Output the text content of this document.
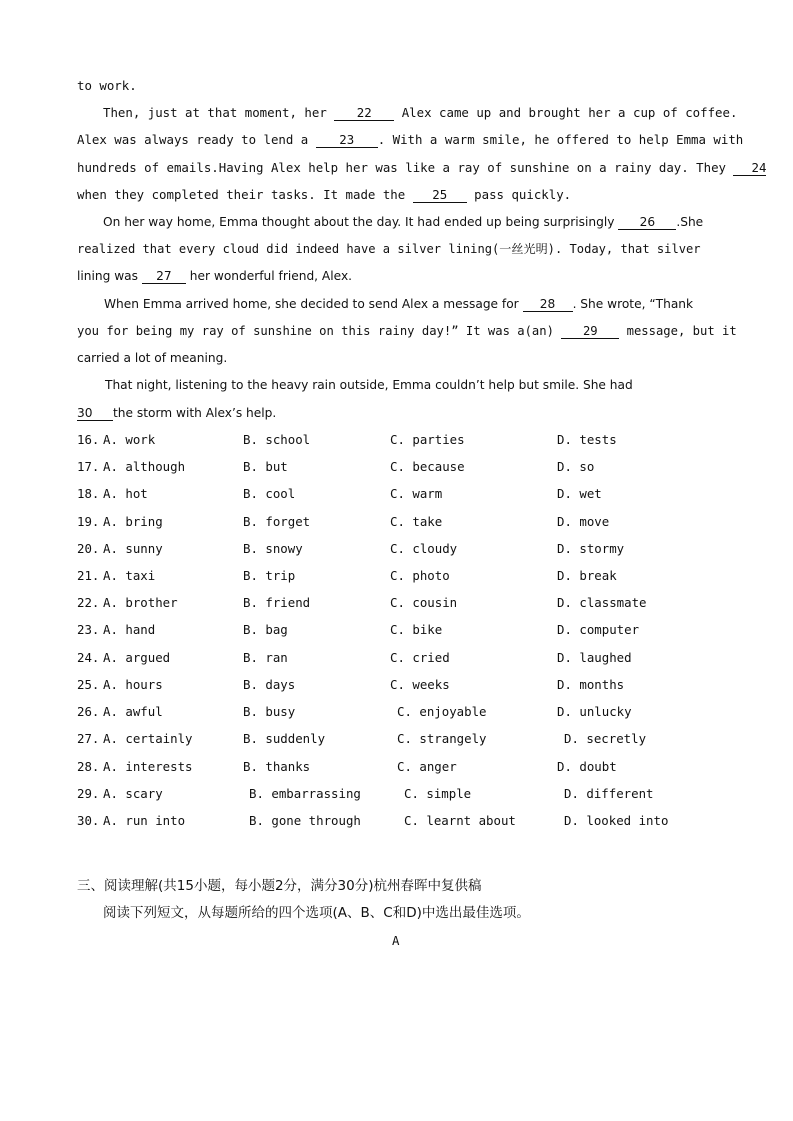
to work.
Then, just at that moment, her 22 Alex came up and brought her a cup of coffee.
Alex was always ready to lend a 23 . With a warm smile, he offered to help Emma with
hundreds of emails.Having Alex help her was like a ray of sunshine on a rainy day. They 24
when they completed their tasks. It made the 25 pass quickly.
On her way home, Emma thought about the day. It had ended up being surprisingly 26 .She
realized that every cloud did indeed have a silver lining(一丝光明). Today, that silver
lining was 27 her wonderful friend, Alex.
When Emma arrived home, she decided to send Alex a message for 28 . She wrote, “Thank
you for being my ray of sunshine on this rainy day!” It was a(an) 29 message, but it
carried a lot of meaning.
That night, listening to the heavy rain outside, Emma couldn’t help but smile. She had
30 the storm with Alex’s help.
16. A. work	B. school	C. parties	D. tests
17. A. although	B. but	C. because	D. so
18. A. hot	B. cool	C. warm	D. wet
19. A. bring	B. forget	C. take	D. move
20. A. sunny	B. snowy	C. cloudy	D. stormy
21. A. taxi	B. trip	C. photo	D. break
22. A. brother	B. friend	C. cousin	D. classmate
23. A. hand	B. bag	C. bike	D. computer
24. A. argued	B. ran	C. cried	D. laughed
25. A. hours	B. days	C. weeks	D. months
26. A. awful	B. busy	C. enjoyable	D. unlucky
27. A. certainly	B. suddenly	C. strangely	D. secretly
28. A. interests	B. thanks	C. anger	D. doubt
29. A. scary	B. embarrassing	C. simple	D. different
30. A. run into	B. gone through	C. learnt about	D. looked into
三、阅读理解(共15小题，每小题2分，满分30分)杭州春晖中复供稿
阅读下列短文，从每题所给的四个选项(A、B、C和D)中选出最佳选项。
A
